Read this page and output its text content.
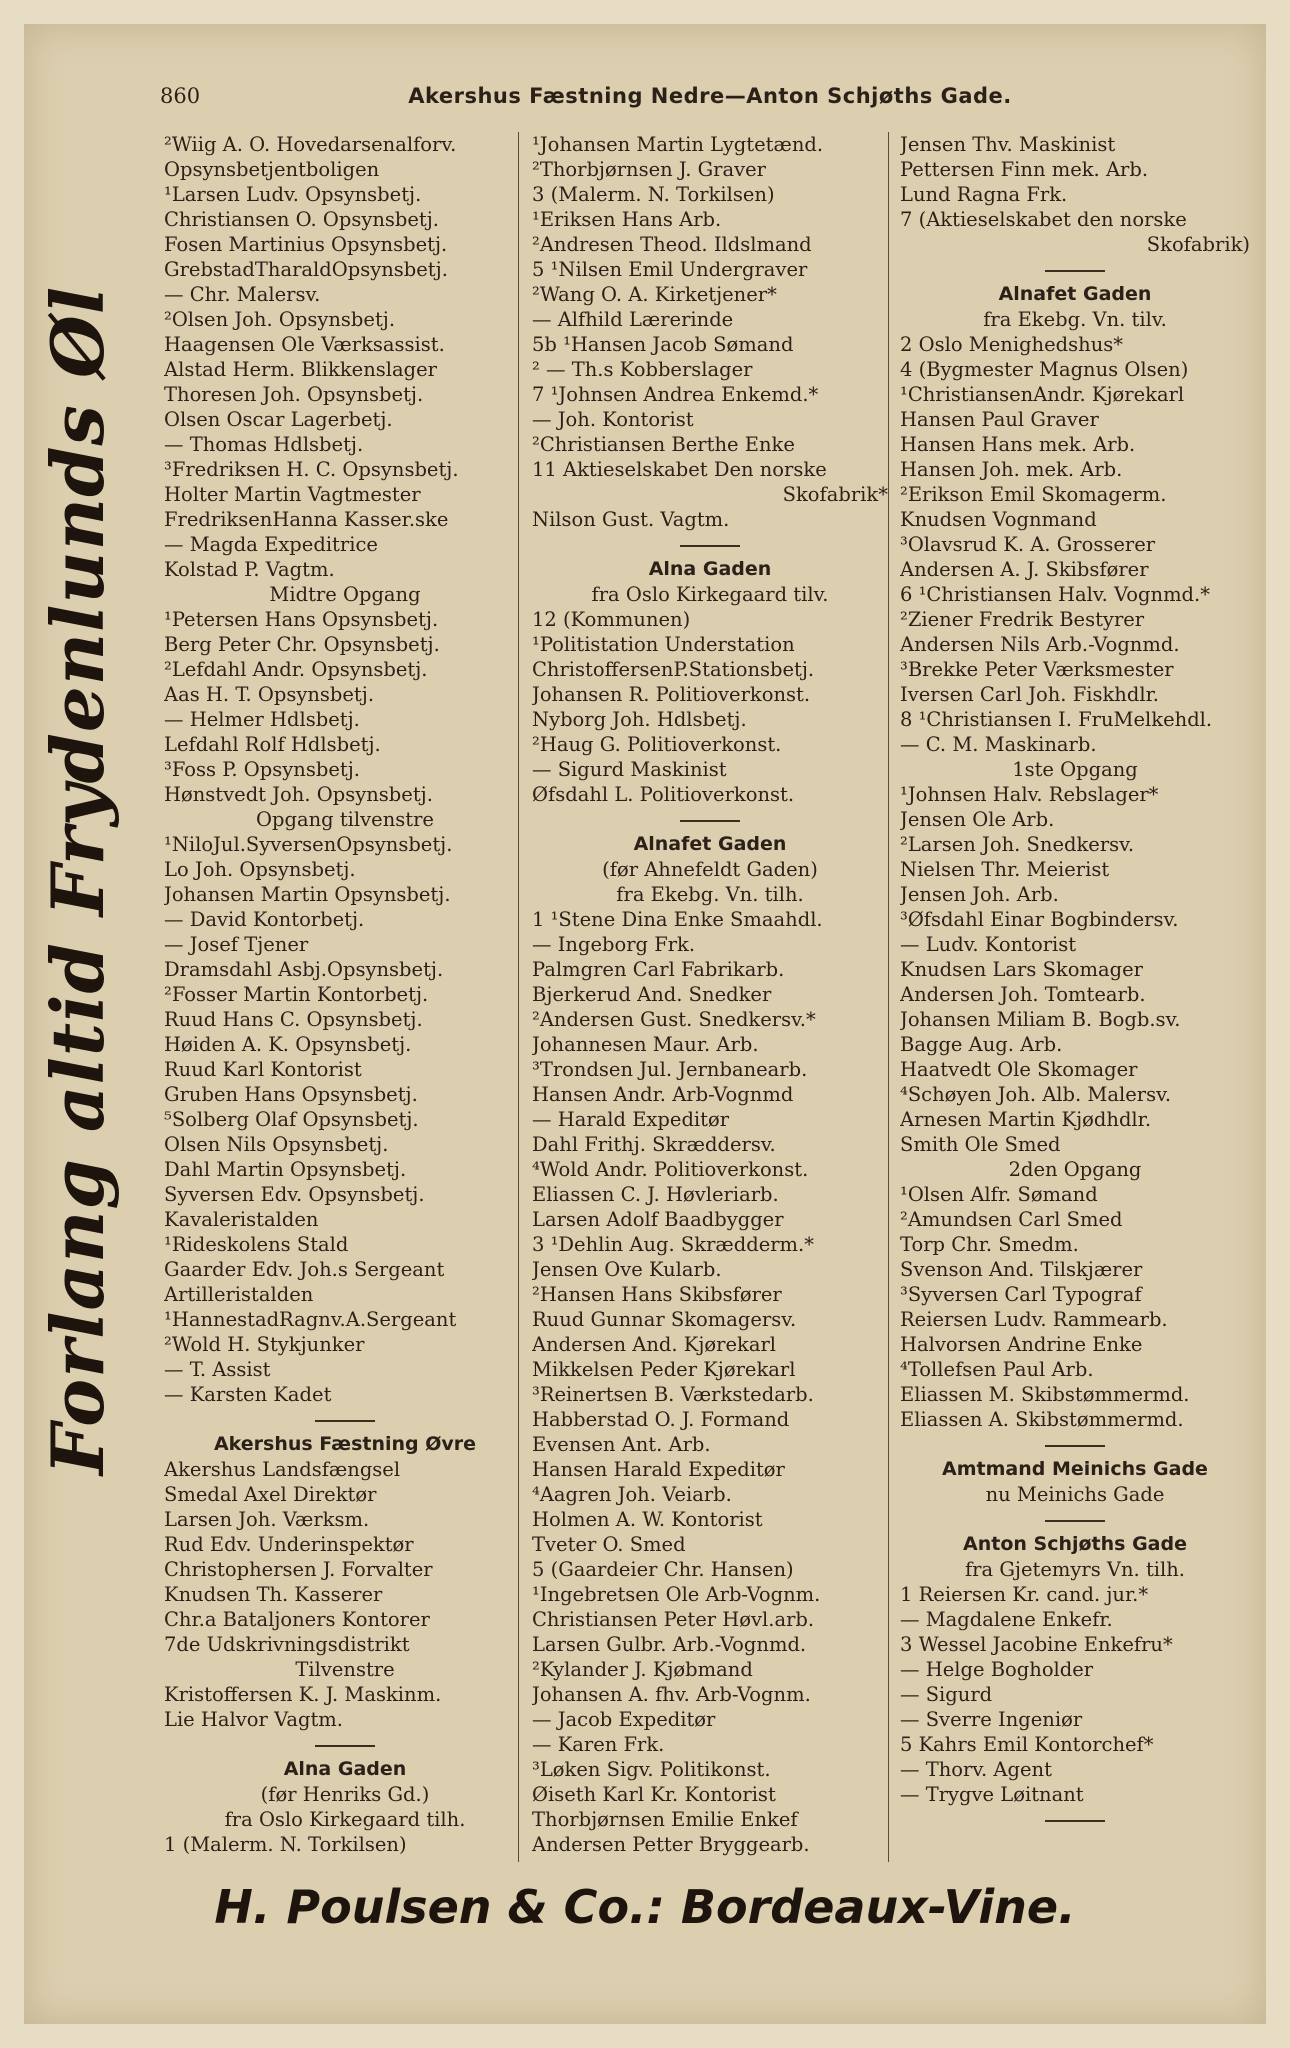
860	Akershus Fæstning Nedre—Anton Schjøths Gade.
Forlang altid Frydenlunds Øl
²Wiig A. O. Hovedarsenalforv.
Opsynsbetjentboligen
¹Larsen Ludv. Opsynsbetj.
Christiansen O. Opsynsbetj.
Fosen Martinius Opsynsbetj.
GrebstadTharaldOpsynsbetj.
— Chr. Malersv.
²Olsen Joh. Opsynsbetj.
Haagensen Ole Værksassist.
Alstad Herm. Blikkenslager
Thoresen Joh. Opsynsbetj.
Olsen Oscar Lagerbetj.
— Thomas Hdlsbetj.
³Fredriksen H. C. Opsynsbetj.
Holter Martin Vagtmester
FredriksenHanna Kasser.ske
— Magda Expeditrice
Kolstad P. Vagtm.
Midtre Opgang
¹Petersen Hans Opsynsbetj.
Berg Peter Chr. Opsynsbetj.
²Lefdahl Andr. Opsynsbetj.
Aas H. T. Opsynsbetj.
— Helmer Hdlsbetj.
Lefdahl Rolf Hdlsbetj.
³Foss P. Opsynsbetj.
Hønstvedt Joh. Opsynsbetj.
Opgang tilvenstre
¹NiloJul.SyversenOpsynsbetj.
Lo Joh. Opsynsbetj.
Johansen Martin Opsynsbetj.
— David Kontorbetj.
— Josef Tjener
Dramsdahl Asbj.Opsynsbetj.
²Fosser Martin Kontorbetj.
Ruud Hans C. Opsynsbetj.
Høiden A. K. Opsynsbetj.
Ruud Karl Kontorist
Gruben Hans Opsynsbetj.
⁵Solberg Olaf Opsynsbetj.
Olsen Nils Opsynsbetj.
Dahl Martin Opsynsbetj.
Syversen Edv. Opsynsbetj.
Kavaleristalden
¹Rideskolens Stald
Gaarder Edv. Joh.s Sergeant
Artilleristalden
¹HannestadRagnv.A.Sergeant
²Wold H. Stykjunker
— T. Assist
— Karsten Kadet
Akershus Fæstning Øvre
Akershus Landsfængsel
Smedal Axel Direktør
Larsen Joh. Værksm.
Rud Edv. Underinspektør
Christophersen J. Forvalter
Knudsen Th. Kasserer
Chr.a Bataljoners Kontorer
7de Udskrivningsdistrikt
Tilvenstre
Kristoffersen K. J. Maskinm.
Lie Halvor Vagtm.
Alna Gaden
(før Henriks Gd.)
fra Oslo Kirkegaard tilh.
1 (Malerm. N. Torkilsen)
¹Johansen Martin Lygtetænd.
²Thorbjørnsen J. Graver
3 (Malerm. N. Torkilsen)
¹Eriksen Hans Arb.
²Andresen Theod. Ildslmand
5 ¹Nilsen Emil Undergraver
²Wang O. A. Kirketjener*
— Alfhild Lærerinde
5b ¹Hansen Jacob Sømand
² — Th.s Kobberslager
7 ¹Johnsen Andrea Enkemd.*
— Joh. Kontorist
²Christiansen Berthe Enke
11 Aktieselskabet Den norske
Skofabrik*
Nilson Gust. Vagtm.
Alna Gaden
fra Oslo Kirkegaard tilv.
12 (Kommunen)
¹Politistation Understation
ChristoffersenP.Stationsbetj.
Johansen R. Politioverkonst.
Nyborg Joh. Hdlsbetj.
²Haug G. Politioverkonst.
— Sigurd Maskinist
Øfsdahl L. Politioverkonst.
Alnafet Gaden
(før Ahnefeldt Gaden)
fra Ekebg. Vn. tilh.
1 ¹Stene Dina Enke Smaahdl.
— Ingeborg Frk.
Palmgren Carl Fabrikarb.
Bjerkerud And. Snedker
²Andersen Gust. Snedkersv.*
Johannesen Maur. Arb.
³Trondsen Jul. Jernbanearb.
Hansen Andr. Arb-Vognmd
— Harald Expeditør
Dahl Frithj. Skræddersv.
⁴Wold Andr. Politioverkonst.
Eliassen C. J. Høvleriarb.
Larsen Adolf Baadbygger
3 ¹Dehlin Aug. Skrædderm.*
Jensen Ove Kularb.
²Hansen Hans Skibsfører
Ruud Gunnar Skomagersv.
Andersen And. Kjørekarl
Mikkelsen Peder Kjørekarl
³Reinertsen B. Værkstedarb.
Habberstad O. J. Formand
Evensen Ant. Arb.
Hansen Harald Expeditør
⁴Aagren Joh. Veiarb.
Holmen A. W. Kontorist
Tveter O. Smed
5 (Gaardeier Chr. Hansen)
¹Ingebretsen Ole Arb-Vognm.
Christiansen Peter Høvl.arb.
Larsen Gulbr. Arb.-Vognmd.
²Kylander J. Kjøbmand
Johansen A. fhv. Arb-Vognm.
— Jacob Expeditør
— Karen Frk.
³Løken Sigv. Politikonst.
Øiseth Karl Kr. Kontorist
Thorbjørnsen Emilie Enkef
Andersen Petter Bryggearb.
Jensen Thv. Maskinist
Pettersen Finn mek. Arb.
Lund Ragna Frk.
7 (Aktieselskabet den norske
Skofabrik)
Alnafet Gaden
fra Ekebg. Vn. tilv.
2 Oslo Menighedshus*
4 (Bygmester Magnus Olsen)
¹ChristiansenAndr. Kjørekarl
Hansen Paul Graver
Hansen Hans mek. Arb.
Hansen Joh. mek. Arb.
²Erikson Emil Skomagerm.
Knudsen Vognmand
³Olavsrud K. A. Grosserer
Andersen A. J. Skibsfører
6 ¹Christiansen Halv. Vognmd.*
²Ziener Fredrik Bestyrer
Andersen Nils Arb.-Vognmd.
³Brekke Peter Værksmester
Iversen Carl Joh. Fiskhdlr.
8 ¹Christiansen I. FruMelkehdl.
— C. M. Maskinarb.
1ste Opgang
¹Johnsen Halv. Rebslager*
Jensen Ole Arb.
²Larsen Joh. Snedkersv.
Nielsen Thr. Meierist
Jensen Joh. Arb.
³Øfsdahl Einar Bogbindersv.
— Ludv. Kontorist
Knudsen Lars Skomager
Andersen Joh. Tomtearb.
Johansen Miliam B. Bogb.sv.
Bagge Aug. Arb.
Haatvedt Ole Skomager
⁴Schøyen Joh. Alb. Malersv.
Arnesen Martin Kjødhdlr.
Smith Ole Smed
2den Opgang
¹Olsen Alfr. Sømand
²Amundsen Carl Smed
Torp Chr. Smedm.
Svenson And. Tilskjærer
³Syversen Carl Typograf
Reiersen Ludv. Rammearb.
Halvorsen Andrine Enke
⁴Tollefsen Paul Arb.
Eliassen M. Skibstømmermd.
Eliassen A. Skibstømmermd.
Amtmand Meinichs Gade
nu Meinichs Gade
Anton Schjøths Gade
fra Gjetemyrs Vn. tilh.
1 Reiersen Kr. cand. jur.*
— Magdalene Enkefr.
3 Wessel Jacobine Enkefru*
— Helge Bogholder
— Sigurd
— Sverre Ingeniør
5 Kahrs Emil Kontorchef*
— Thorv. Agent
— Trygve Løitnant
H. Poulsen & Co.: Bordeaux-Vine.
